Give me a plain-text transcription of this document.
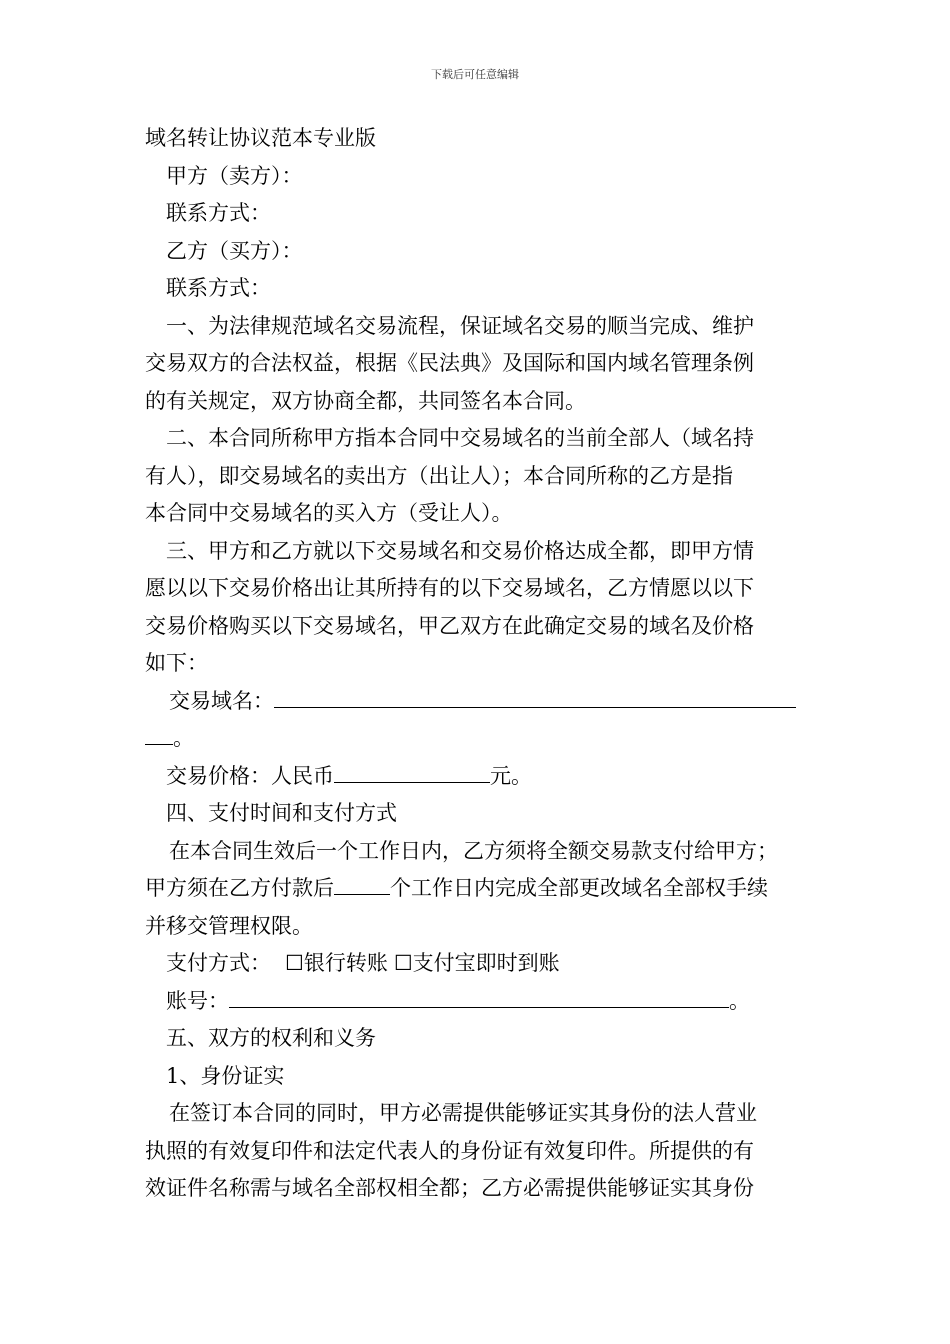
下载后可任意编辑
域名转让协议范本专业版
甲方（卖方）：
联系方式：
乙方（买方）：
联系方式：
一、为法律规范域名交易流程，保证域名交易的顺当完成、维护
交易双方的合法权益，根据《民法典》及国际和国内域名管理条例
的有关规定，双方协商全都，共同签名本合同。
二、本合同所称甲方指本合同中交易域名的当前全部人（域名持
有人），即交易域名的卖出方（出让人）；本合同所称的乙方是指
本合同中交易域名的买入方（受让人）。
三、甲方和乙方就以下交易域名和交易价格达成全都，即甲方情
愿以以下交易价格出让其所持有的以下交易域名，乙方情愿以以下
交易价格购买以下交易域名，甲乙双方在此确定交易的域名及价格
如下：
交易域名：
。
交易价格：人民币	元。
四、支付时间和支付方式
在本合同生效后一个工作日内，乙方须将全额交易款支付给甲方；
甲方须在乙方付款后	个工作日内完成全部更改域名全部权手续
并移交管理权限。
支付方式： ☐银行转账 ☐支付宝即时到账
账号：	。
五、双方的权利和义务
1、身份证实
在签订本合同的同时，甲方必需提供能够证实其身份的法人营业
执照的有效复印件和法定代表人的身份证有效复印件。所提供的有
效证件名称需与域名全部权相全都；乙方必需提供能够证实其身份
